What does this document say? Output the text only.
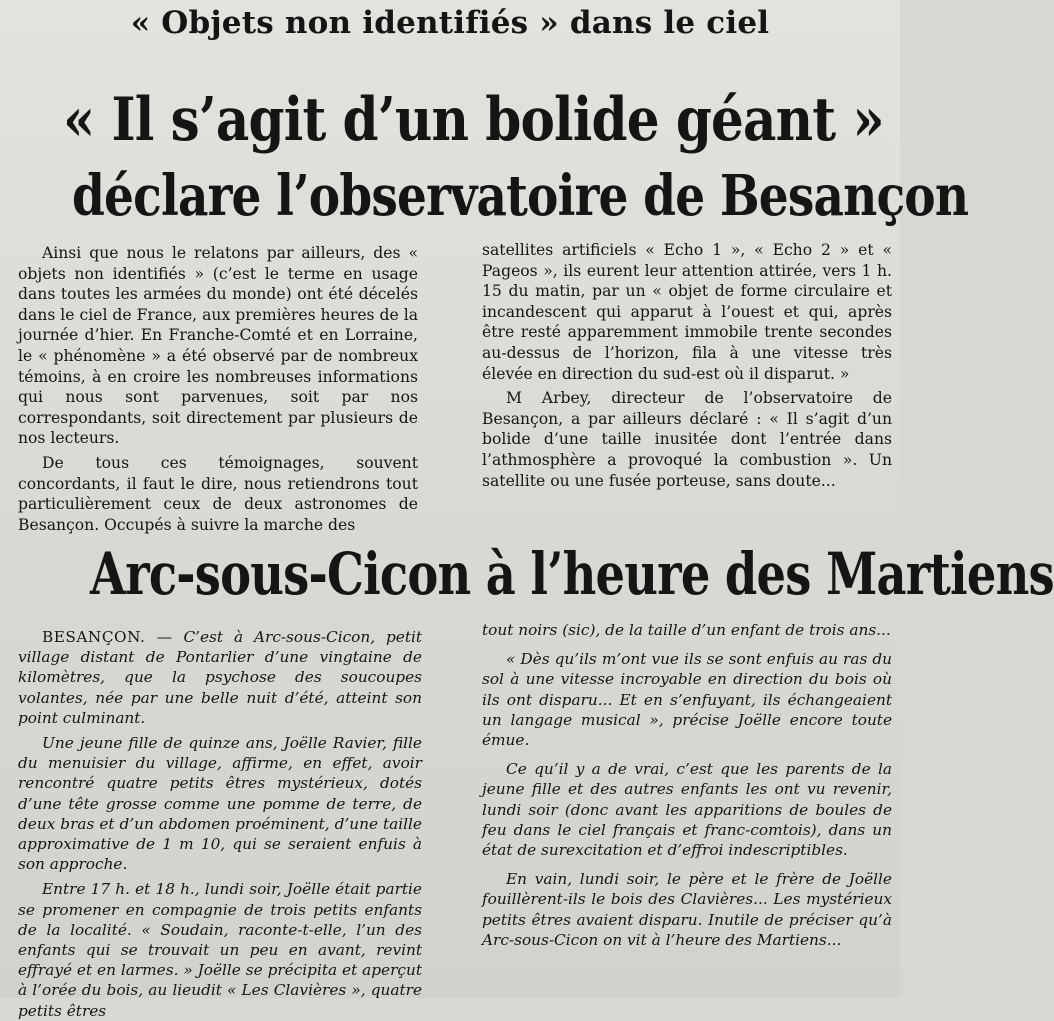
« Objets non identifiés » dans le ciel
« Il s’agit d’un bolide géant »
déclare l’observatoire de Besançon

Ainsi que nous le relatons par ailleurs, des « objets non identifiés » (c’est le terme en usage dans toutes les armées du monde) ont été décelés dans le ciel de France, aux premières heures de la journée d’hier. En Franche-Comté et en Lorraine, le « phénomène » a été observé par de nombreux témoins, à en croire les nombreuses informations qui nous sont parvenues, soit par nos correspondants, soit directement par plusieurs de nos lecteurs.

De tous ces témoignages, souvent concordants, il faut le dire, nous retiendrons tout particulièrement ceux de deux astronomes de Besançon. Occupés à suivre la marche des

satellites artificiels « Echo 1 », « Echo 2 » et « Pageos », ils eurent leur attention attirée, vers 1 h. 15 du matin, par un « objet de forme circulaire et incandescent qui apparut à l’ouest et qui, après être resté apparemment immobile trente secondes au-dessus de l’horizon, fila à une vitesse très élevée en direction du sud-est où il disparut. »

M Arbey, directeur de l’observatoire de Besançon, a par ailleurs déclaré : « Il s’agit d’un bolide d’une taille inusitée dont l’entrée dans l’athmosphère a provoqué la combustion ». Un satellite ou une fusée porteuse, sans doute...

Arc-sous-Cicon à l’heure des Martiens

BESANÇON. — C’est à Arc-sous-Cicon, petit village distant de Pontarlier d’une vingtaine de kilomètres, que la psychose des soucoupes volantes, née par une belle nuit d’été, atteint son point culminant.

Une jeune fille de quinze ans, Joëlle Ravier, fille du menuisier du village, affirme, en effet, avoir rencontré quatre petits êtres mystérieux, dotés d’une tête grosse comme une pomme de terre, de deux bras et d’un abdomen proéminent, d’une taille approximative de 1 m 10, qui se seraient enfuis à son approche.

Entre 17 h. et 18 h., lundi soir, Joëlle était partie se promener en compagnie de trois petits enfants de la localité. « Soudain, raconte-t-elle, l’un des enfants qui se trouvait un peu en avant, revint effrayé et en larmes. » Joëlle se précipita et aperçut à l’orée du bois, au lieudit « Les Clavières », quatre petits êtres

tout noirs (sic), de la taille d’un enfant de trois ans...

« Dès qu’ils m’ont vue ils se sont enfuis au ras du sol à une vitesse incroyable en direction du bois où ils ont disparu... Et en s’enfuyant, ils échangeaient un langage musical », précise Joëlle encore toute émue.

Ce qu’il y a de vrai, c’est que les parents de la jeune fille et des autres enfants les ont vu revenir, lundi soir (donc avant les apparitions de boules de feu dans le ciel français et franc-comtois), dans un état de surexcitation et d’effroi indescriptibles.

En vain, lundi soir, le père et le frère de Joëlle fouillèrent-ils le bois des Clavières... Les mystérieux petits êtres avaient disparu. Inutile de préciser qu’à Arc-sous-Cicon on vit à l’heure des Martiens...
